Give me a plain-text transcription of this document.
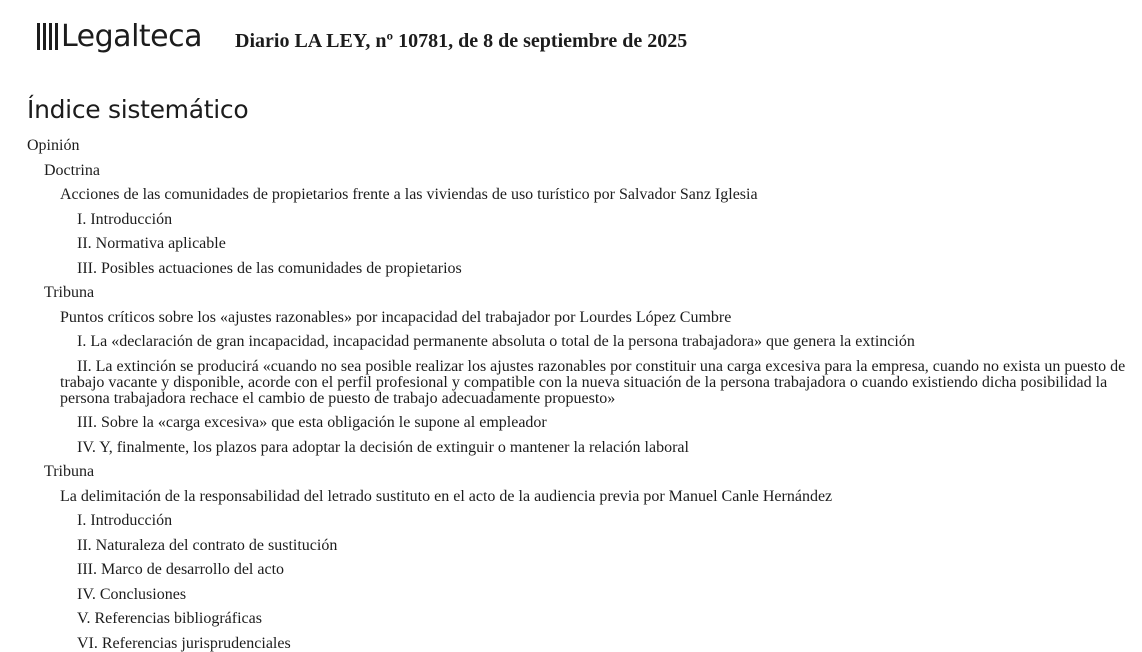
Legalteca Diario LA LEY, nº 10781, de 8 de septiembre de 2025
Índice sistemático
Opinión
Doctrina
Acciones de las comunidades de propietarios frente a las viviendas de uso turístico por Salvador Sanz Iglesia
I. Introducción
II. Normativa aplicable
III. Posibles actuaciones de las comunidades de propietarios
Tribuna
Puntos críticos sobre los «ajustes razonables» por incapacidad del trabajador por Lourdes López Cumbre
I. La «declaración de gran incapacidad, incapacidad permanente absoluta o total de la persona trabajadora» que genera la extinción
II. La extinción se producirá «cuando no sea posible realizar los ajustes razonables por constituir una carga excesiva para la empresa, cuando no exista un puesto de trabajo vacante y disponible, acorde con el perfil profesional y compatible con la nueva situación de la persona trabajadora o cuando existiendo dicha posibilidad la persona trabajadora rechace el cambio de puesto de trabajo adecuadamente propuesto»
III. Sobre la «carga excesiva» que esta obligación le supone al empleador
IV. Y, finalmente, los plazos para adoptar la decisión de extinguir o mantener la relación laboral
Tribuna
La delimitación de la responsabilidad del letrado sustituto en el acto de la audiencia previa por Manuel Canle Hernández
I. Introducción
II. Naturaleza del contrato de sustitución
III. Marco de desarrollo del acto
IV. Conclusiones
V. Referencias bibliográficas
VI. Referencias jurisprudenciales
